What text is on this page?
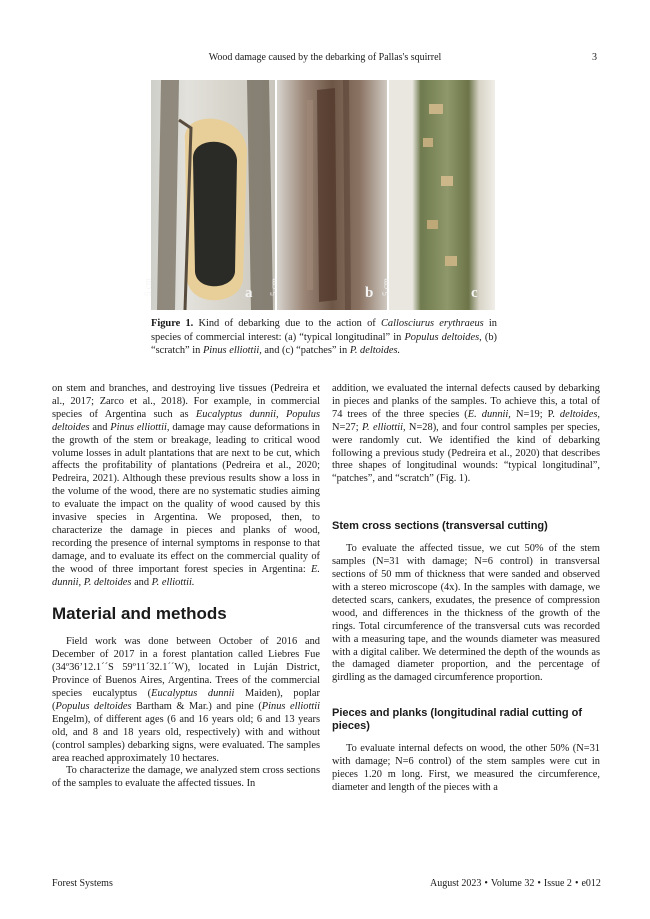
Wood damage caused by the debarking of Pallas's squirrel	3
5 cm	a 5 cm	b 5 cm	c
Figure 1. Kind of debarking due to the action of Callosciurus erythraeus in species of commercial interest: (a) “typical longitudinal” in Populus deltoides, (b) “scratch” in Pinus elliottii, and (c) “patches” in P. deltoides.

on stem and branches, and destroying live tissues (Pedreira et al., 2017; Zarco et al., 2018). For example, in commercial species of Argentina such as Eucalyptus dunnii, Populus deltoides and Pinus elliottii, damage may cause deformations in the growth of the stem or breakage, leading to critical wood volume losses in adult plantations that are next to be cut, which affects the profitability of plantations (Pedreira et al., 2020; Pedreira, 2021). Although these previous results show a loss in the volume of the wood, there are no systematic studies aiming to evaluate the impact on the quality of wood caused by this invasive species in Argentina. We proposed, then, to characterize the damage in pieces and planks of wood, recording the presence of internal symptoms in response to that damage, and to evaluate its effect on the commercial quality of the wood of three important forest species in Argentina: E. dunnii, P. deltoides and P. elliottii.

Material and methods

Field work was done between October of 2016 and December of 2017 in a forest plantation called Liebres Fue (34º36’12.1´´S 59º11´32.1´´W), located in Luján District, Province of Buenos Aires, Argentina. Trees of the commercial species eucalyptus (Eucalyptus dunnii Maiden), poplar (Populus deltoides Bartham & Mar.) and pine (Pinus elliottii Engelm), of different ages (6 and 16 years old; 6 and 13 years old, and 8 and 18 years old, respectively) with and without (control samples) debarking signs, were evaluated. The samples area reached approximately 10 hectares.

To characterize the damage, we analyzed stem cross sections of the samples to evaluate the affected tissues. In

addition, we evaluated the internal defects caused by debarking in pieces and planks of the samples. To achieve this, a total of 74 trees of the three species (E. dunnii, N=19; P. deltoides, N=27; P. elliottii, N=28), and four control samples per species, were randomly cut. We identified the kind of debarking following a previous study (Pedreira et al., 2020) that describes three shapes of longitudinal wounds: “typical longitudinal”, “patches”, and “scratch” (Fig. 1).

Stem cross sections (transversal cutting)

To evaluate the affected tissue, we cut 50% of the stem samples (N=31 with damage; N=6 control) in transversal sections of 50 mm of thickness that were sanded and observed with a stereo microscope (4x). In the samples with damage, we detected scars, cankers, exudates, the presence of compression wood, and differences in the thickness of the growth of the rings. Total circumference of the transversal cuts was recorded with a measuring tape, and the wounds diameter was measured with a digital caliber. We determined the depth of the wounds as the damaged diameter proportion, and the percentage of girdling as the damaged circumference proportion.

Pieces and planks (longitudinal radial cutting of pieces)

To evaluate internal defects on wood, the other 50% (N=31 with damage; N=6 control) of the stem samples were cut in pieces 1.20 m long. First, we measured the circumference, diameter and length of the pieces with a

Forest Systems	August 2023 • Volume 32 • Issue 2 • e012
